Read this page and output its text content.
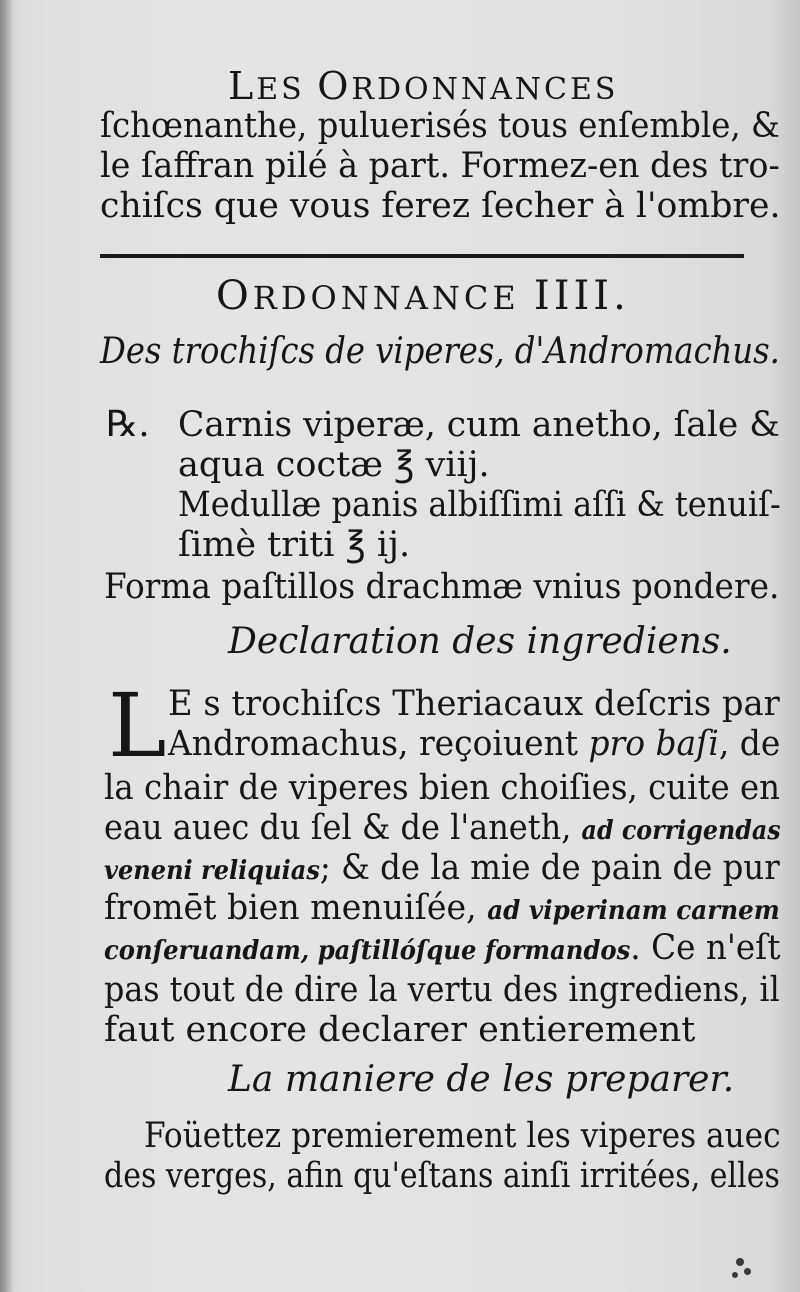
LES ORDONNANCES
ſchœnanthe, puluerisés tous enſemble, &
le ſaffran pilé à part. Formez-en des tro-
chiſcs que vous ferez ſecher à l'ombre.
ORDONNANCE IIII.
Des trochiſcs de viperes, d'Andromachus.
℞. Carnis viperæ, cum anetho, ſale &
aqua coctæ ℥ viij.
Medullæ panis albiſſimi aſſi & tenuiſ-
ſimè triti ℥ ij.
Forma paſtillos drachmæ vnius pondere.
Declaration des ingrediens.
L E s trochiſcs Theriacaux deſcris par
Andromachus, reçoiuent pro baſi, de
la chair de viperes bien choiſies, cuite en
eau auec du ſel & de l'aneth, ad corrigendas
veneni reliquias; & de la mie de pain de pur
fromēt bien menuiſée, ad viperinam carnem
conſeruandam, paſtillóſque formandos. Ce n'eſt
pas tout de dire la vertu des ingrediens, il
faut encore declarer entierement
La maniere de les preparer.
Foüettez premierement les viperes auec
des verges, afin qu'eſtans ainſi irritées, elles
